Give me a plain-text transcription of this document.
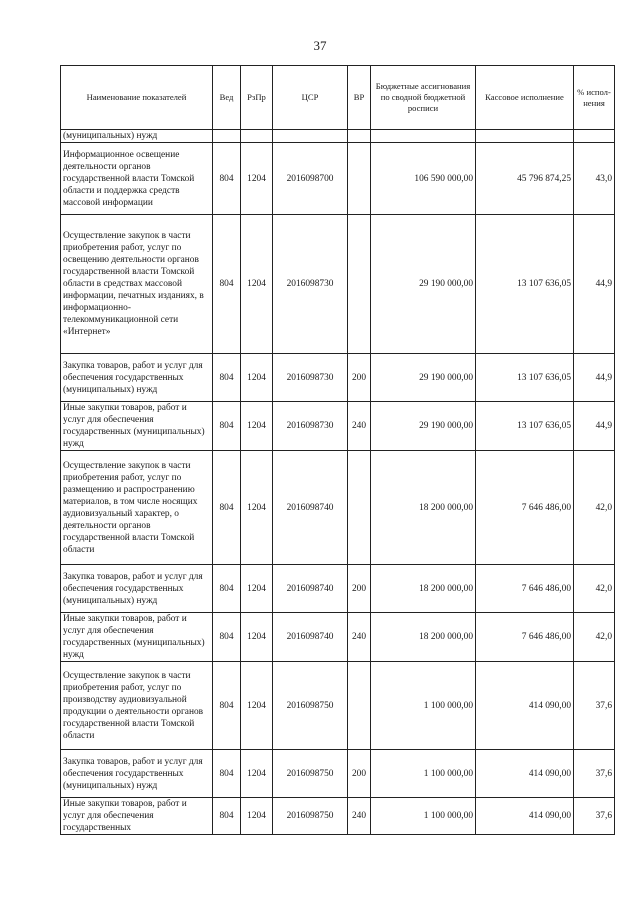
37
Наименование показателей	Вед	РзПр	ЦСР	ВР	Бюджетные ассигнования по сводной бюджетной росписи	Кассовое исполнение	% испол-нения
(муниципальных) нужд							
Информационное освещение деятельности органов государственной власти Томской области и поддержка средств массовой информации	804	1204	2016098700		106 590 000,00	45 796 874,25	43,0
Осуществление закупок в части приобретения работ, услуг по освещению деятельности органов государственной власти Томской области в средствах массовой информации, печатных изданиях, в информационно-телекоммуникационной сети «Интернет»	804	1204	2016098730		29 190 000,00	13 107 636,05	44,9
Закупка товаров, работ и услуг для обеспечения государственных (муниципальных) нужд	804	1204	2016098730	200	29 190 000,00	13 107 636,05	44,9
Иные закупки товаров, работ и услуг для обеспечения государственных (муниципальных) нужд	804	1204	2016098730	240	29 190 000,00	13 107 636,05	44,9
Осуществление закупок в части приобретения работ, услуг по размещению и распространению материалов, в том числе носящих аудиовизуальный характер, о деятельности органов государственной власти Томской области	804	1204	2016098740		18 200 000,00	7 646 486,00	42,0
Закупка товаров, работ и услуг для обеспечения государственных (муниципальных) нужд	804	1204	2016098740	200	18 200 000,00	7 646 486,00	42,0
Иные закупки товаров, работ и услуг для обеспечения государственных (муниципальных) нужд	804	1204	2016098740	240	18 200 000,00	7 646 486,00	42,0
Осуществление закупок в части приобретения работ, услуг по производству аудиовизуальной продукции о деятельности органов государственной власти Томской области	804	1204	2016098750		1 100 000,00	414 090,00	37,6
Закупка товаров, работ и услуг для обеспечения государственных (муниципальных) нужд	804	1204	2016098750	200	1 100 000,00	414 090,00	37,6
Иные закупки товаров, работ и услуг для обеспечения государственных	804	1204	2016098750	240	1 100 000,00	414 090,00	37,6
